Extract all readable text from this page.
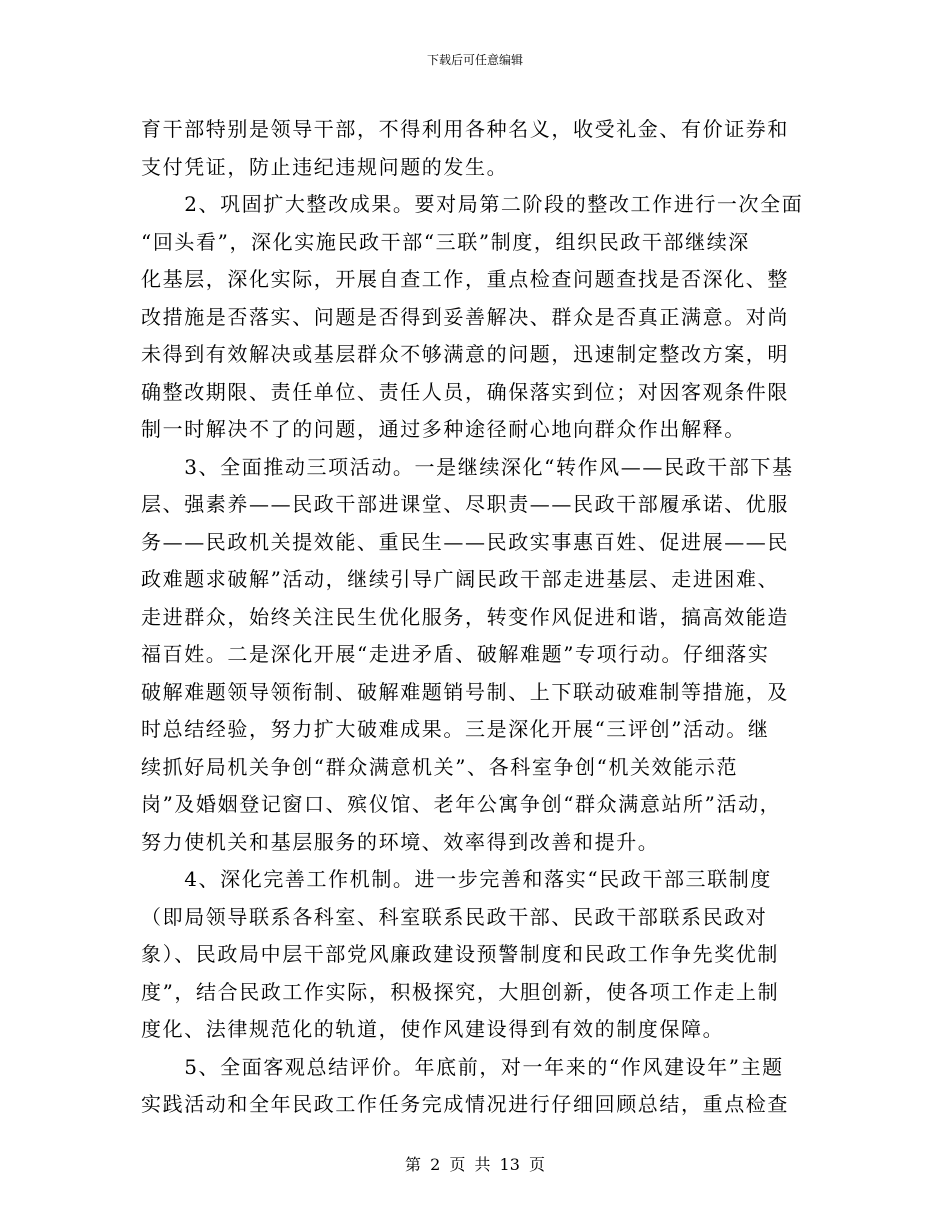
下载后可任意编辑
育干部特别是领导干部，不得利用各种名义，收受礼金、有价证券和
支付凭证，防止违纪违规问题的发生。
　　2、巩固扩大整改成果。要对局第二阶段的整改工作进行一次全面
“回头看”，深化实施民政干部“三联”制度，组织民政干部继续深
化基层，深化实际，开展自查工作，重点检查问题查找是否深化、整
改措施是否落实、问题是否得到妥善解决、群众是否真正满意。对尚
未得到有效解决或基层群众不够满意的问题，迅速制定整改方案，明
确整改期限、责任单位、责任人员，确保落实到位；对因客观条件限
制一时解决不了的问题，通过多种途径耐心地向群众作出解释。
　　3、全面推动三项活动。一是继续深化“转作风——民政干部下基
层、强素养——民政干部进课堂、尽职责——民政干部履承诺、优服
务——民政机关提效能、重民生——民政实事惠百姓、促进展——民
政难题求破解”活动，继续引导广阔民政干部走进基层、走进困难、
走进群众，始终关注民生优化服务，转变作风促进和谐，搞高效能造
福百姓。二是深化开展“走进矛盾、破解难题”专项行动。仔细落实
破解难题领导领衔制、破解难题销号制、上下联动破难制等措施，及
时总结经验，努力扩大破难成果。三是深化开展“三评创”活动。继
续抓好局机关争创“群众满意机关”、各科室争创“机关效能示范
岗”及婚姻登记窗口、殡仪馆、老年公寓争创“群众满意站所”活动，
努力使机关和基层服务的环境、效率得到改善和提升。
　　4、深化完善工作机制。进一步完善和落实“民政干部三联制度
（即局领导联系各科室、科室联系民政干部、民政干部联系民政对
象）、民政局中层干部党风廉政建设预警制度和民政工作争先奖优制
度”，结合民政工作实际，积极探究，大胆创新，使各项工作走上制
度化、法律规范化的轨道，使作风建设得到有效的制度保障。
　　5、全面客观总结评价。年底前，对一年来的“作风建设年”主题
实践活动和全年民政工作任务完成情况进行仔细回顾总结，重点检查
第 2 页 共 13 页
